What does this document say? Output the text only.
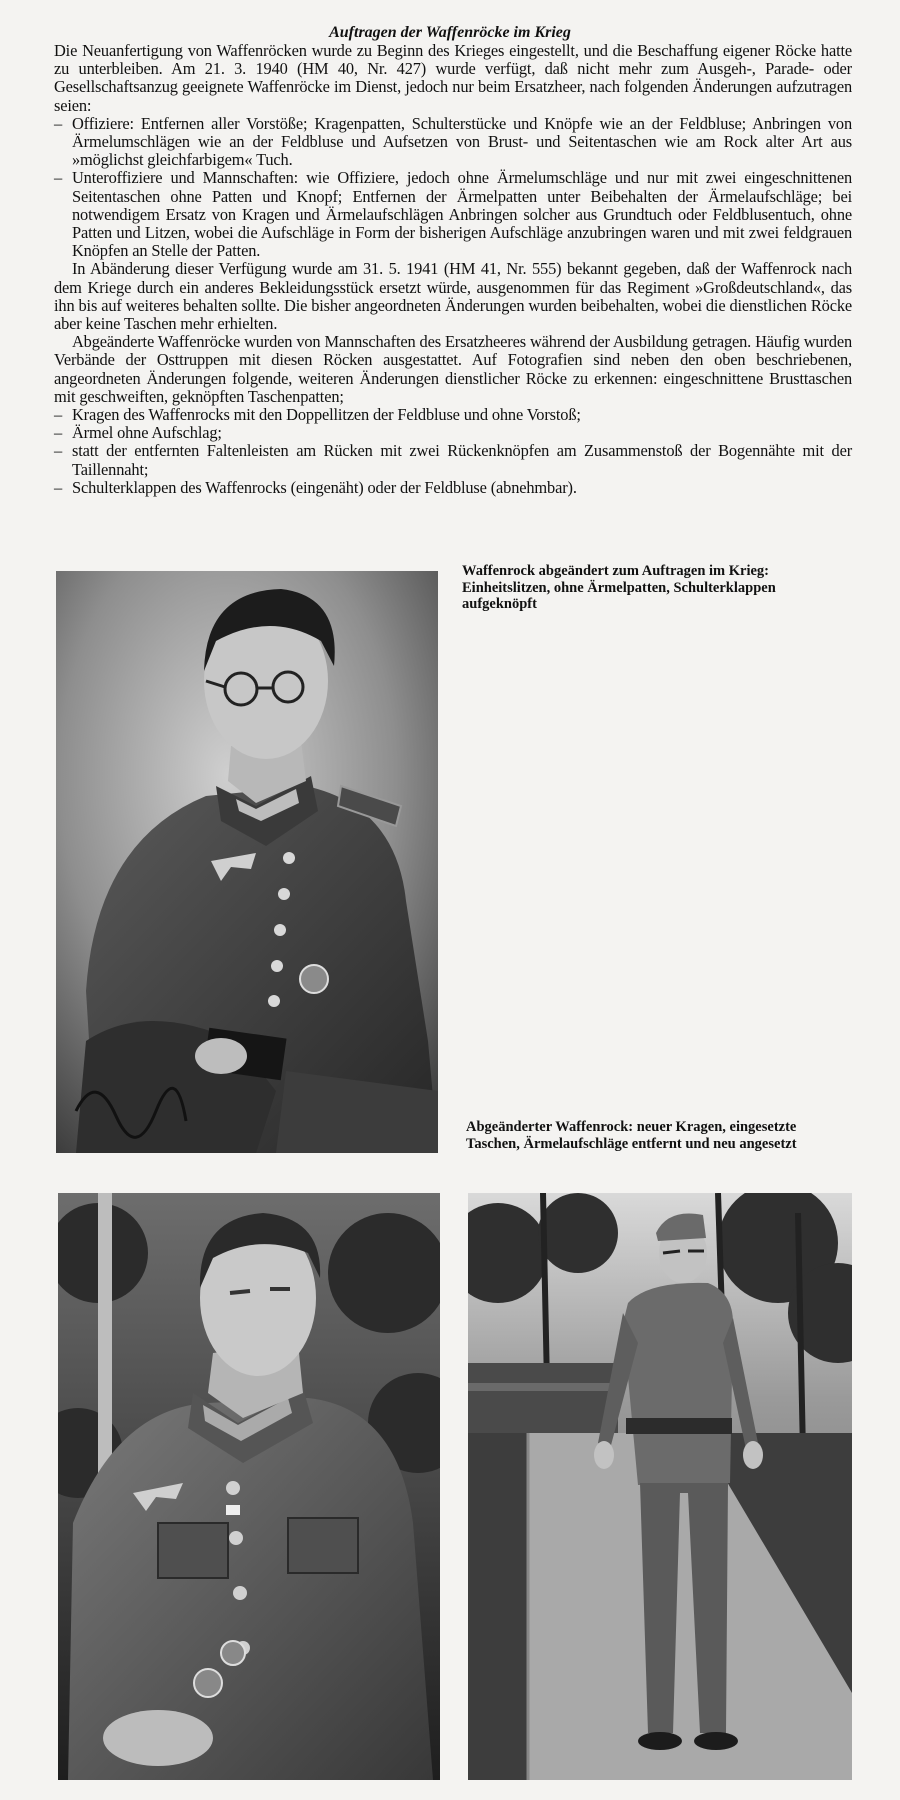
Auftragen der Waffenröcke im Krieg

Die Neuanfertigung von Waffenröcken wurde zu Beginn des Krieges eingestellt, und die Beschaffung eigener Röcke hatte zu unterbleiben. Am 21. 3. 1940 (HM 40, Nr. 427) wurde verfügt, daß nicht mehr zum Ausgeh-, Parade- oder Gesellschaftsanzug geeignete Waffenröcke im Dienst, jedoch nur beim Ersatzheer, nach folgenden Änderungen aufzutragen seien:

– Offiziere: Entfernen aller Vorstöße; Kragenpatten, Schulterstücke und Knöpfe wie an der Feldbluse; Anbringen von Ärmelumschlägen wie an der Feldbluse und Aufsetzen von Brust- und Seitentaschen wie am Rock alter Art aus »möglichst gleichfarbigem« Tuch.

– Unteroffiziere und Mannschaften: wie Offiziere, jedoch ohne Ärmelumschläge und nur mit zwei eingeschnittenen Seitentaschen ohne Patten und Knopf; Entfernen der Ärmelpatten unter Beibehalten der Ärmelaufschläge; bei notwendigem Ersatz von Kragen und Ärmelaufschlägen Anbringen solcher aus Grundtuch oder Feldblusentuch, ohne Patten und Litzen, wobei die Aufschläge in Form der bisherigen Aufschläge anzubringen waren und mit zwei feldgrauen Knöpfen an Stelle der Patten.

In Abänderung dieser Verfügung wurde am 31. 5. 1941 (HM 41, Nr. 555) bekannt gegeben, daß der Waffenrock nach dem Kriege durch ein anderes Bekleidungsstück ersetzt würde, ausgenommen für das Regiment »Großdeutschland«, das ihn bis auf weiteres behalten sollte. Die bisher angeordneten Änderungen wurden beibehalten, wobei die dienstlichen Röcke aber keine Taschen mehr erhielten.

Abgeänderte Waffenröcke wurden von Mannschaften des Ersatzheeres während der Ausbildung getragen. Häufig wurden Verbände der Osttruppen mit diesen Röcken ausgestattet. Auf Fotografien sind neben den oben beschriebenen, angeordneten Änderungen folgende, weiteren Änderungen dienstlicher Röcke zu erkennen: eingeschnittene Brusttaschen mit geschweiften, geknöpften Taschenpatten;

– Kragen des Waffenrocks mit den Doppellitzen der Feldbluse und ohne Vorstoß;

– Ärmel ohne Aufschlag;

– statt der entfernten Faltenleisten am Rücken mit zwei Rückenknöpfen am Zusammenstoß der Bogennähte mit der Taillennaht;

– Schulterklappen des Waffenrocks (eingenäht) oder der Feldbluse (abnehmbar).

Waffenrock abgeändert zum Auftragen im Krieg: Einheitslitzen, ohne Ärmelpatten, Schulterklappen aufgeknöpft
Abgeänderter Waffenrock: neuer Kragen, eingesetzte Taschen, Ärmelaufschläge entfernt und neu angesetzt
